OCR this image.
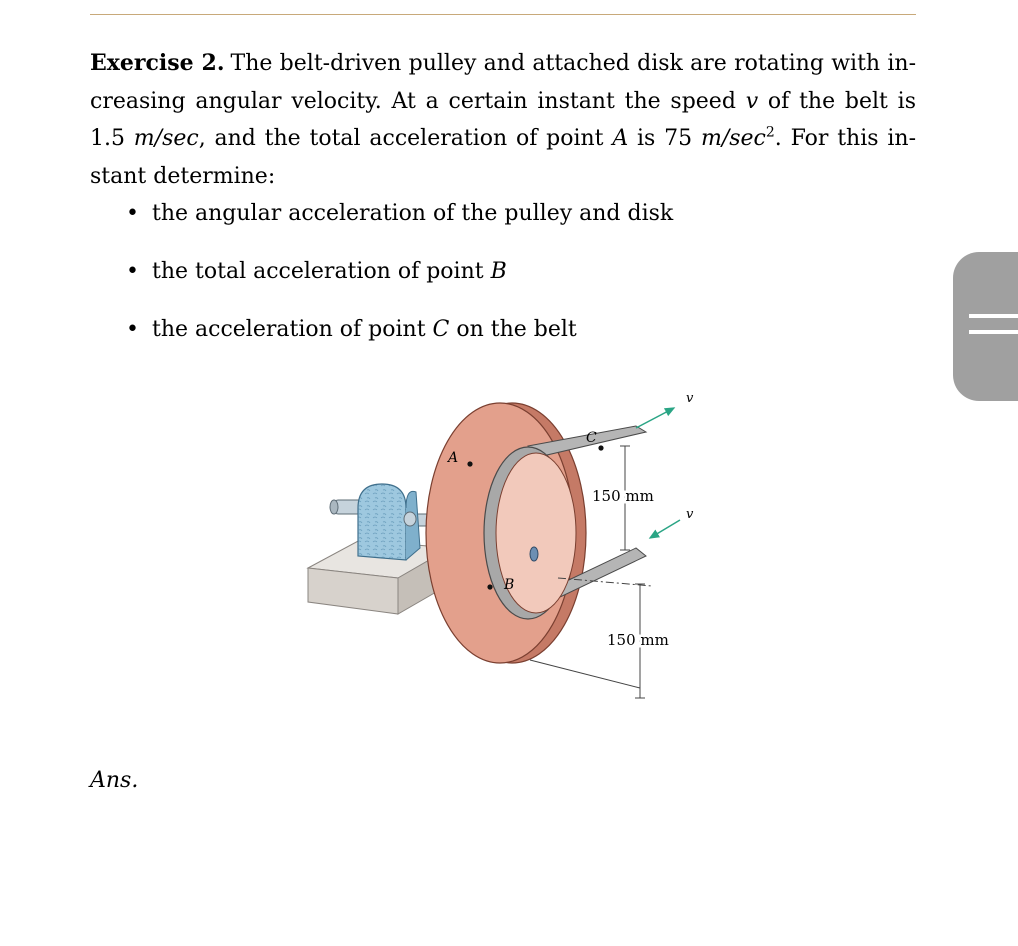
Exercise 2. The belt-driven pulley and attached disk are rotating with increasing angular velocity. At a certain instant the speed v of the belt is 1.5 m/sec, and the total acceleration of point A is 75 $m/\sec^2$. For this instant determine:

• the angular acceleration of the pulley and disk
• the total acceleration of point B
• the acceleration of point C on the belt
A
B
C
v
v
150 mm
150 mm
Ans.
